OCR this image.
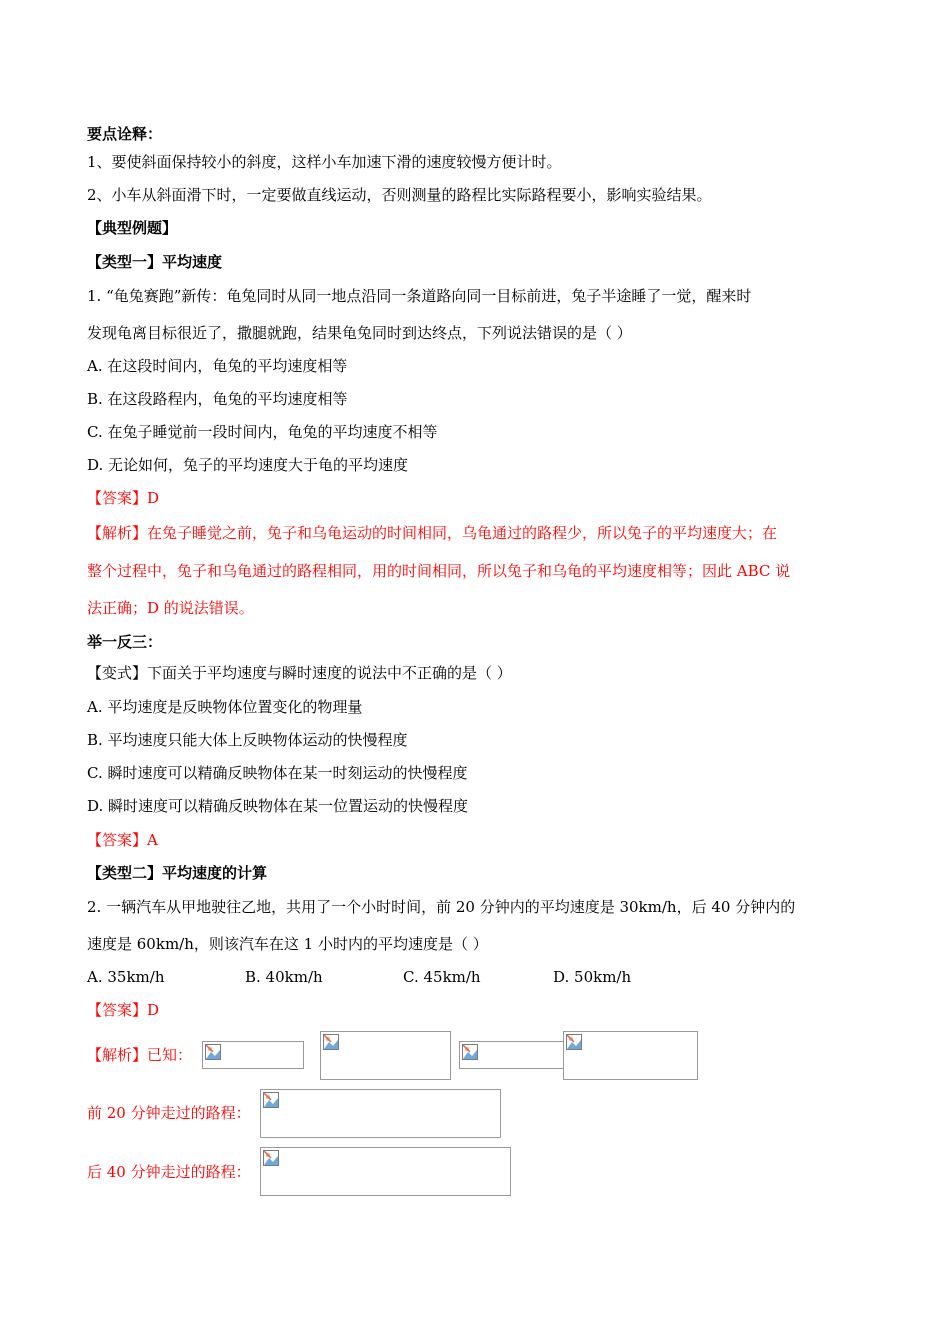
要点诠释：
1、要使斜面保持较小的斜度，这样小车加速下滑的速度较慢方便计时。
2、小车从斜面滑下时，一定要做直线运动，否则测量的路程比实际路程要小，影响实验结果。
【典型例题】
【类型一】平均速度
1. “龟兔赛跑”新传：龟兔同时从同一地点沿同一条道路向同一目标前进，兔子半途睡了一觉，醒来时
发现龟离目标很近了，撒腿就跑，结果龟兔同时到达终点，下列说法错误的是（ ）
A. 在这段时间内，龟兔的平均速度相等
B. 在这段路程内，龟兔的平均速度相等
C. 在兔子睡觉前一段时间内，龟兔的平均速度不相等
D. 无论如何，兔子的平均速度大于龟的平均速度
【答案】D
【解析】在兔子睡觉之前，兔子和乌龟运动的时间相同，乌龟通过的路程少，所以兔子的平均速度大；在
整个过程中，兔子和乌龟通过的路程相同，用的时间相同，所以兔子和乌龟的平均速度相等；因此 ABC 说
法正确；D 的说法错误。
举一反三：
【变式】下面关于平均速度与瞬时速度的说法中不正确的是（ ）
A. 平均速度是反映物体位置变化的物理量
B. 平均速度只能大体上反映物体运动的快慢程度
C. 瞬时速度可以精确反映物体在某一时刻运动的快慢程度
D. 瞬时速度可以精确反映物体在某一位置运动的快慢程度
【答案】A
【类型二】平均速度的计算
2. 一辆汽车从甲地驶往乙地，共用了一个小时时间，前 20 分钟内的平均速度是 30km/h，后 40 分钟内的
速度是 60km/h，则该汽车在这 1 小时内的平均速度是（ ）
A. 35km/h	B. 40km/h	C. 45km/h	D. 50km/h
【答案】D
【解析】已知：
前 20 分钟走过的路程：
后 40 分钟走过的路程：
